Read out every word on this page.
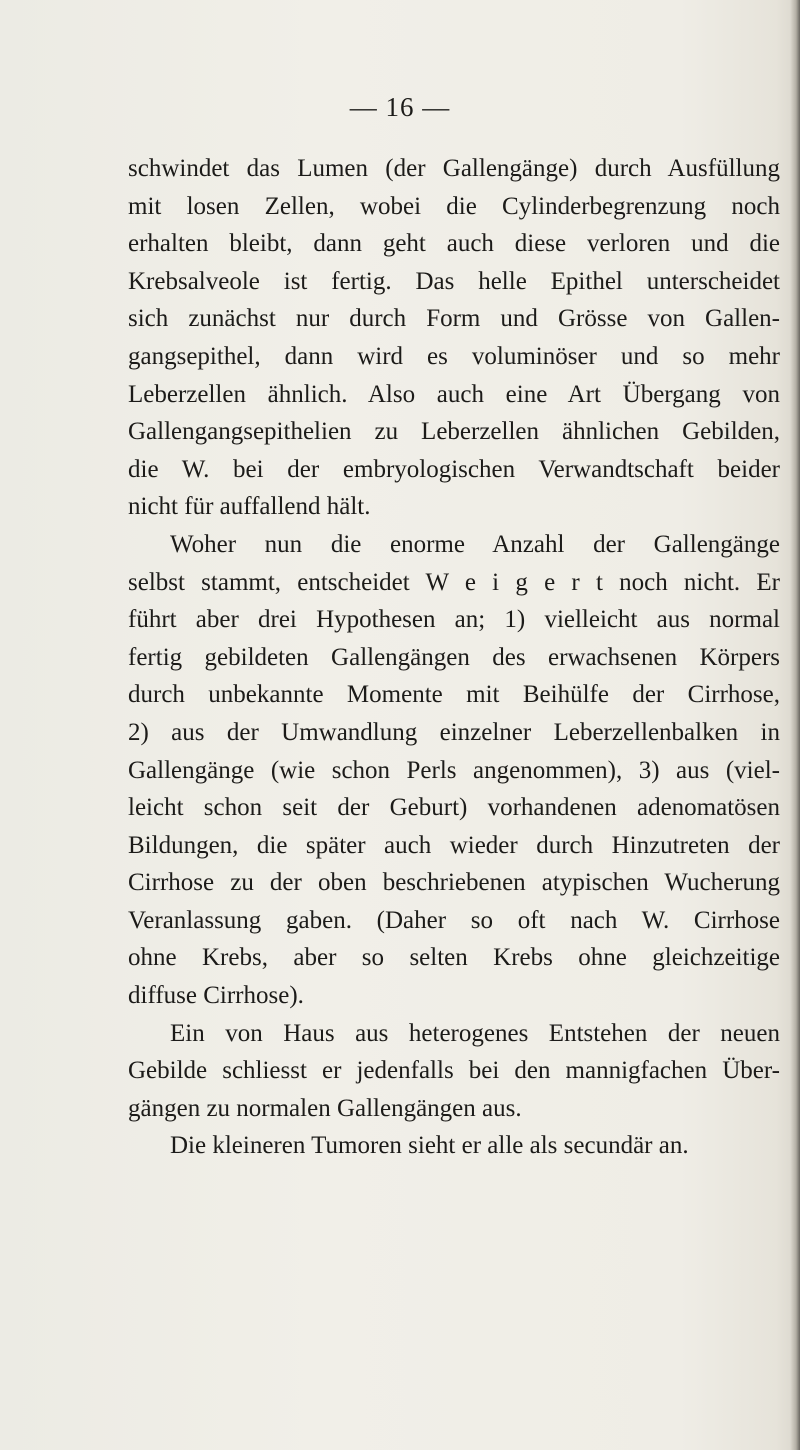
— 16 —
schwindet das Lumen (der Gallengänge) durch Ausfüllung
mit losen Zellen, wobei die Cylinderbegrenzung noch
erhalten bleibt, dann geht auch diese verloren und die
Krebsalveole ist fertig. Das helle Epithel unterscheidet
sich zunächst nur durch Form und Grösse von Gallen-
gangsepithel, dann wird es voluminöser und so mehr
Leberzellen ähnlich. Also auch eine Art Übergang von
Gallengangsepithelien zu Leberzellen ähnlichen Gebilden,
die W. bei der embryologischen Verwandtschaft beider
nicht für auffallend hält.
Woher nun die enorme Anzahl der Gallengänge
selbst stammt, entscheidet W e i g e r t noch nicht. Er
führt aber drei Hypothesen an; 1) vielleicht aus normal
fertig gebildeten Gallengängen des erwachsenen Körpers
durch unbekannte Momente mit Beihülfe der Cirrhose,
2) aus der Umwandlung einzelner Leberzellenbalken in
Gallengänge (wie schon Perls angenommen), 3) aus (viel-
leicht schon seit der Geburt) vorhandenen adenomatösen
Bildungen, die später auch wieder durch Hinzutreten der
Cirrhose zu der oben beschriebenen atypischen Wucherung
Veranlassung gaben. (Daher so oft nach W. Cirrhose
ohne Krebs, aber so selten Krebs ohne gleichzeitige
diffuse Cirrhose).
Ein von Haus aus heterogenes Entstehen der neuen
Gebilde schliesst er jedenfalls bei den mannigfachen Über-
gängen zu normalen Gallengängen aus.
Die kleineren Tumoren sieht er alle als secundär an.
